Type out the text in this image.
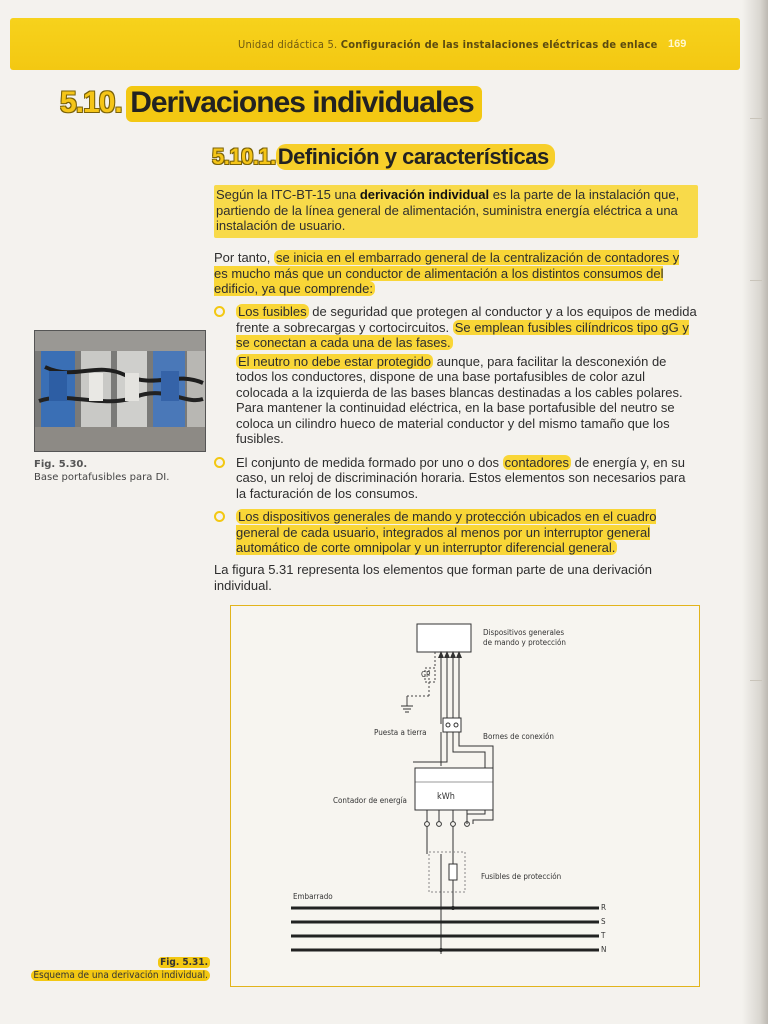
Unidad didáctica 5. Configuración de las instalaciones eléctricas de enlace 169
5.10. Derivaciones individuales
5.10.1.Definición y características
Según la ITC-BT-15 una derivación individual es la parte de la instalación que, partiendo de la línea general de alimentación, suministra energía eléctrica a una instalación de usuario.
Por tanto, se inicia en el embarrado general de la centralización de contadores y es mucho más que un conductor de alimentación a los distintos consumos del edificio, ya que comprende:

Los fusibles de seguridad que protegen al conductor y a los equipos de medida frente a sobrecargas y cortocircuitos. Se emplean fusibles cilíndricos tipo gG y se conectan a cada una de las fases.

El neutro no debe estar protegido aunque, para facilitar la desconexión de todos los conductores, dispone de una base portafusibles de color azul colocada a la izquierda de las bases blancas destinadas a los cables polares. Para mantener la continuidad eléctrica, en la base portafusible del neutro se coloca un cilindro hueco de material conductor y del mismo tamaño que los fusibles.

El conjunto de medida formado por uno o dos contadores de energía y, en su caso, un reloj de discriminación horaria. Estos elementos son necesarios para la facturación de los consumos.

Los dispositivos generales de mando y protección ubicados en el cuadro general de cada usuario, integrados al menos por un interruptor general automático de corte omnipolar y un interruptor diferencial general.

La figura 5.31 representa los elementos que forman parte de una derivación individual.
Fig. 5.30.
Base portafusibles para DI.
Dispositivos generales
de mando y protección
CP
Puesta a tierra	Bornes de conexión
Contador de energía	kWh
Fusibles de protección
Embarrado
R
S
T
N
Fig. 5.31.
Esquema de una derivación individual.
